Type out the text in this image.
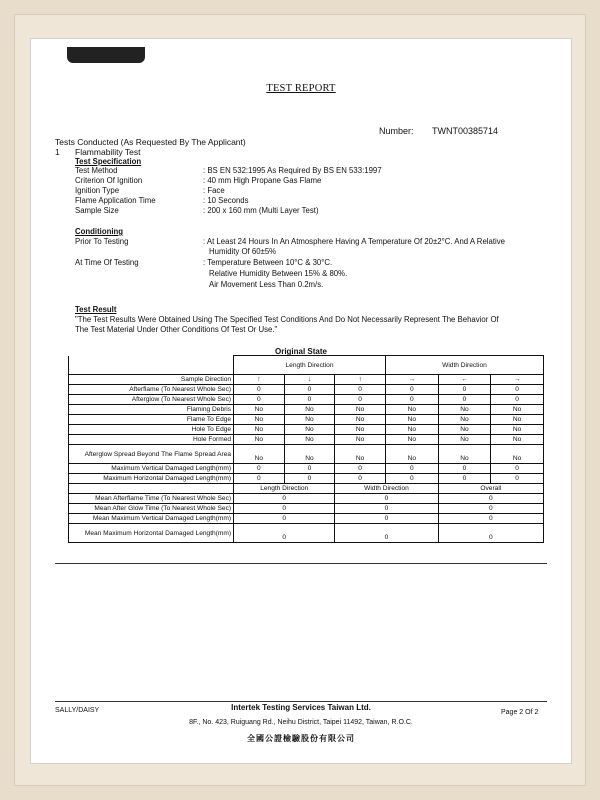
TEST REPORT
Number: TWNT00385714
Tests Conducted (As Requested By The Applicant)
1 Flammability Test
Test Specification
Test Method	: BS EN 532:1995 As Required By BS EN 533:1997
Criterion Of Ignition	: 40 mm High Propane Gas Flame
Ignition Type	: Face
Flame Application Time	: 10 Seconds
Sample Size	: 200 x 160 mm (Multi Layer Test)
Conditioning
Prior To Testing	: At Least 24 Hours In An Atmosphere Having A Temperature Of 20±2°C. And A Relative
Humidity Of 60±5%
At Time Of Testing	: Temperature Between 10°C & 30°C.
Relative Humidity Between 15% & 80%.
Air Movement Less Than 0.2m/s.
Test Result
"The Test Results Were Obtained Using The Specified Test Conditions And Do Not Necessarily Represent The Behavior Of
The Test Material Under Other Conditions Of Test Or Use."
Original State
	Length Direction			Width Direction		
Sample Direction	↑	↓	↑	→	←	→
Afterflame (To Nearest Whole Sec)	0	0	0	0	0	0
Afterglow (To Nearest Whole Sec)	0	0	0	0	0	0
Flaming Debris	No	No	No	No	No	No
Flame To Edge	No	No	No	No	No	No
Hole To Edge	No	No	No	No	No	No
Hole Formed	No	No	No	No	No	No
Afterglow Spread Beyond The Flame Spread Area	No	No	No	No	No	No
Maximum Vertical Damaged Length(mm)	0	0	0	0	0	0
Maximum Horizontal Damaged Length(mm)	0	0	0	0	0	0
	Length Direction		Width Direction		Overall	
Mean Afterflame Time (To Nearest Whole Sec)	0		0		0	
Mean After Glow Time (To Nearest Whole Sec)	0		0		0	
Mean Maximum Vertical Damaged Length(mm)	0		0		0	
Mean Maximum Horizontal Damaged Length(mm)	0		0		0	
SALLY/DAISY	Intertek Testing Services Taiwan Ltd.
Page 2 Of 2
8F., No. 423, Ruiguang Rd., Neihu District, Taipei 11492, Taiwan, R.O.C.
全國公證檢驗股份有限公司
